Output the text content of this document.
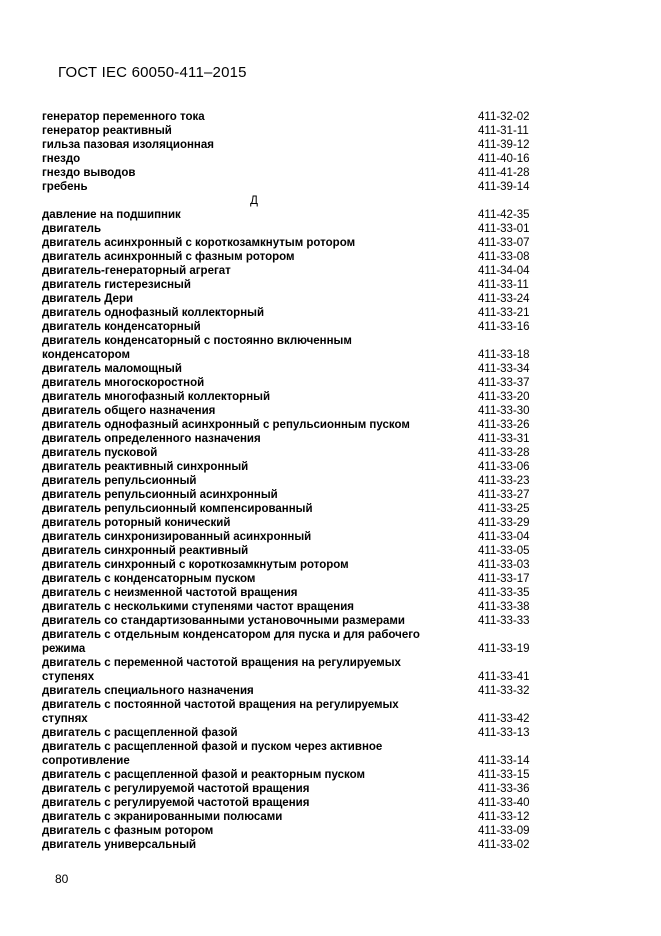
ГОСТ IEC 60050-411–2015
генератор переменного тока	411-32-02
генератор реактивный	411-31-11
гильза пазовая изоляционная	411-39-12
гнездо	411-40-16
гнездо выводов	411-41-28
гребень	411-39-14
Д
давление на подшипник	411-42-35
двигатель	411-33-01
двигатель асинхронный с короткозамкнутым ротором	411-33-07
двигатель асинхронный с фазным ротором	411-33-08
двигатель-генераторный агрегат	411-34-04
двигатель гистерезисный	411-33-11
двигатель Дери	411-33-24
двигатель однофазный коллекторный	411-33-21
двигатель конденсаторный	411-33-16
двигатель конденсаторный с постоянно включенным
конденсатором	411-33-18
двигатель маломощный	411-33-34
двигатель многоскоростной	411-33-37
двигатель многофазный коллекторный	411-33-20
двигатель общего назначения	411-33-30
двигатель однофазный асинхронный с репульсионным пуском	411-33-26
двигатель определенного назначения	411-33-31
двигатель пусковой	411-33-28
двигатель реактивный синхронный	411-33-06
двигатель репульсионный	411-33-23
двигатель репульсионный асинхронный	411-33-27
двигатель репульсионный компенсированный	411-33-25
двигатель роторный конический	411-33-29
двигатель синхронизированный асинхронный	411-33-04
двигатель синхронный реактивный	411-33-05
двигатель синхронный с короткозамкнутым ротором	411-33-03
двигатель с конденсаторным пуском	411-33-17
двигатель с неизменной частотой вращения	411-33-35
двигатель с несколькими ступенями частот вращения	411-33-38
двигатель со стандартизованными установочными размерами	411-33-33
двигатель с отдельным конденсатором для пуска и для рабочего
режима	411-33-19
двигатель с переменной частотой вращения на регулируемых
ступенях	411-33-41
двигатель специального назначения	411-33-32
двигатель с постоянной частотой вращения на регулируемых
ступнях	411-33-42
двигатель с расщепленной фазой	411-33-13
двигатель с расщепленной фазой и пуском через активное
сопротивление	411-33-14
двигатель с расщепленной фазой и реакторным пуском	411-33-15
двигатель с регулируемой частотой вращения	411-33-36
двигатель с регулируемой частотой вращения	411-33-40
двигатель с экранированными полюсами	411-33-12
двигатель с фазным ротором	411-33-09
двигатель универсальный	411-33-02
80
